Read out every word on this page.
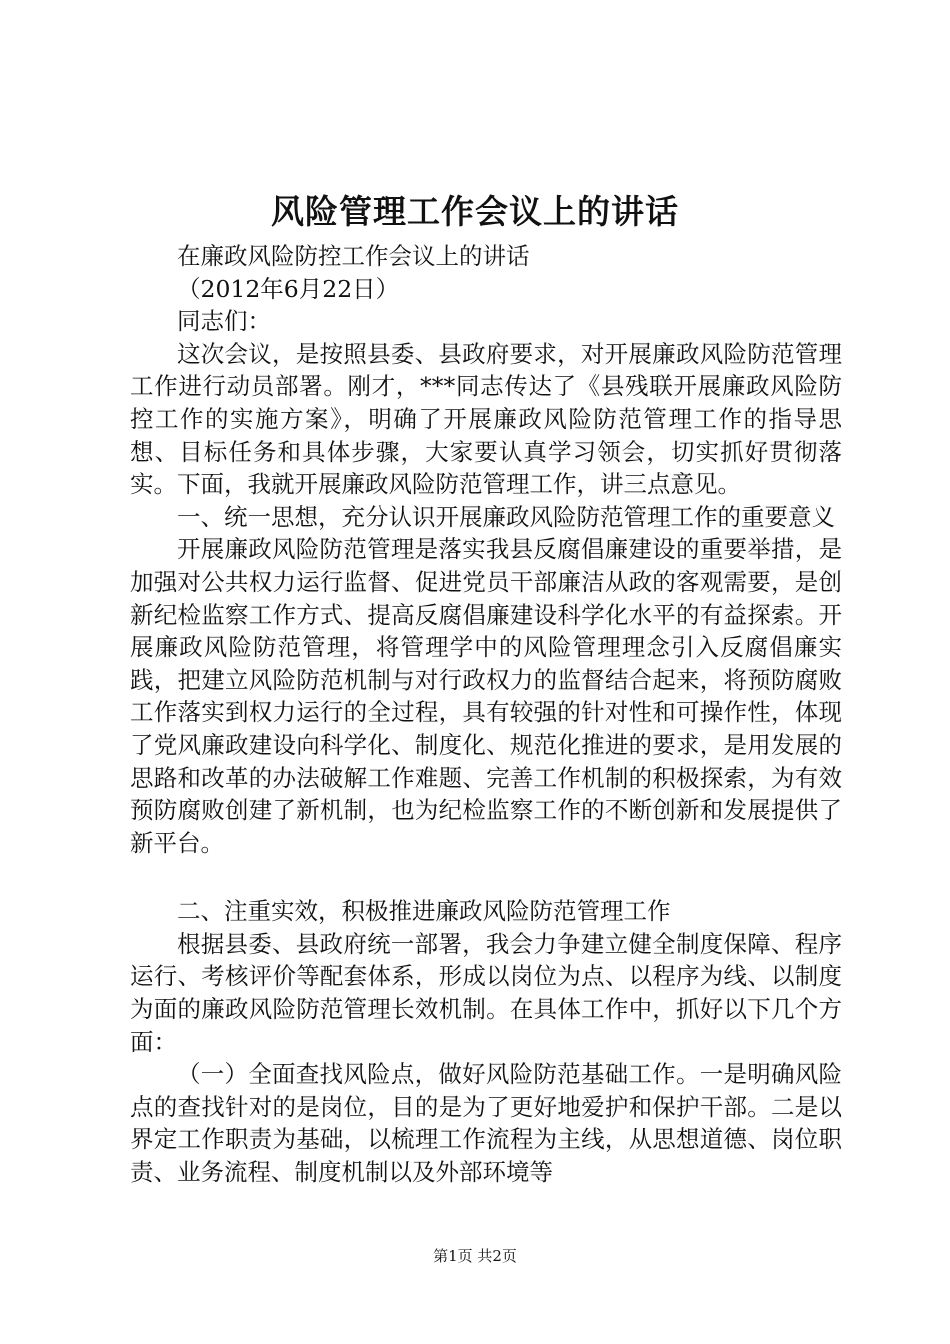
风险管理工作会议上的讲话

在廉政风险防控工作会议上的讲话

（2012年6月22日）

同志们：

这次会议，是按照县委、县政府要求，对开展廉政风险防范管理工作进行动员部署。刚才，***同志传达了《县残联开展廉政风险防控工作的实施方案》，明确了开展廉政风险防范管理工作的指导思想、目标任务和具体步骤，大家要认真学习领会，切实抓好贯彻落实。下面，我就开展廉政风险防范管理工作，讲三点意见。

一、统一思想，充分认识开展廉政风险防范管理工作的重要意义

开展廉政风险防范管理是落实我县反腐倡廉建设的重要举措，是加强对公共权力运行监督、促进党员干部廉洁从政的客观需要，是创新纪检监察工作方式、提高反腐倡廉建设科学化水平的有益探索。开展廉政风险防范管理，将管理学中的风险管理理念引入反腐倡廉实践，把建立风险防范机制与对行政权力的监督结合起来，将预防腐败工作落实到权力运行的全过程，具有较强的针对性和可操作性，体现了党风廉政建设向科学化、制度化、规范化推进的要求，是用发展的思路和改革的办法破解工作难题、完善工作机制的积极探索，为有效预防腐败创建了新机制，也为纪检监察工作的不断创新和发展提供了新平台。

二、注重实效，积极推进廉政风险防范管理工作

根据县委、县政府统一部署，我会力争建立健全制度保障、程序运行、考核评价等配套体系，形成以岗位为点、以程序为线、以制度为面的廉政风险防范管理长效机制。在具体工作中，抓好以下几个方面：

（一）全面查找风险点，做好风险防范基础工作。一是明确风险点的查找针对的是岗位，目的是为了更好地爱护和保护干部。二是以界定工作职责为基础，以梳理工作流程为主线，从思想道德、岗位职责、业务流程、制度机制以及外部环境等

第1页 共2页
